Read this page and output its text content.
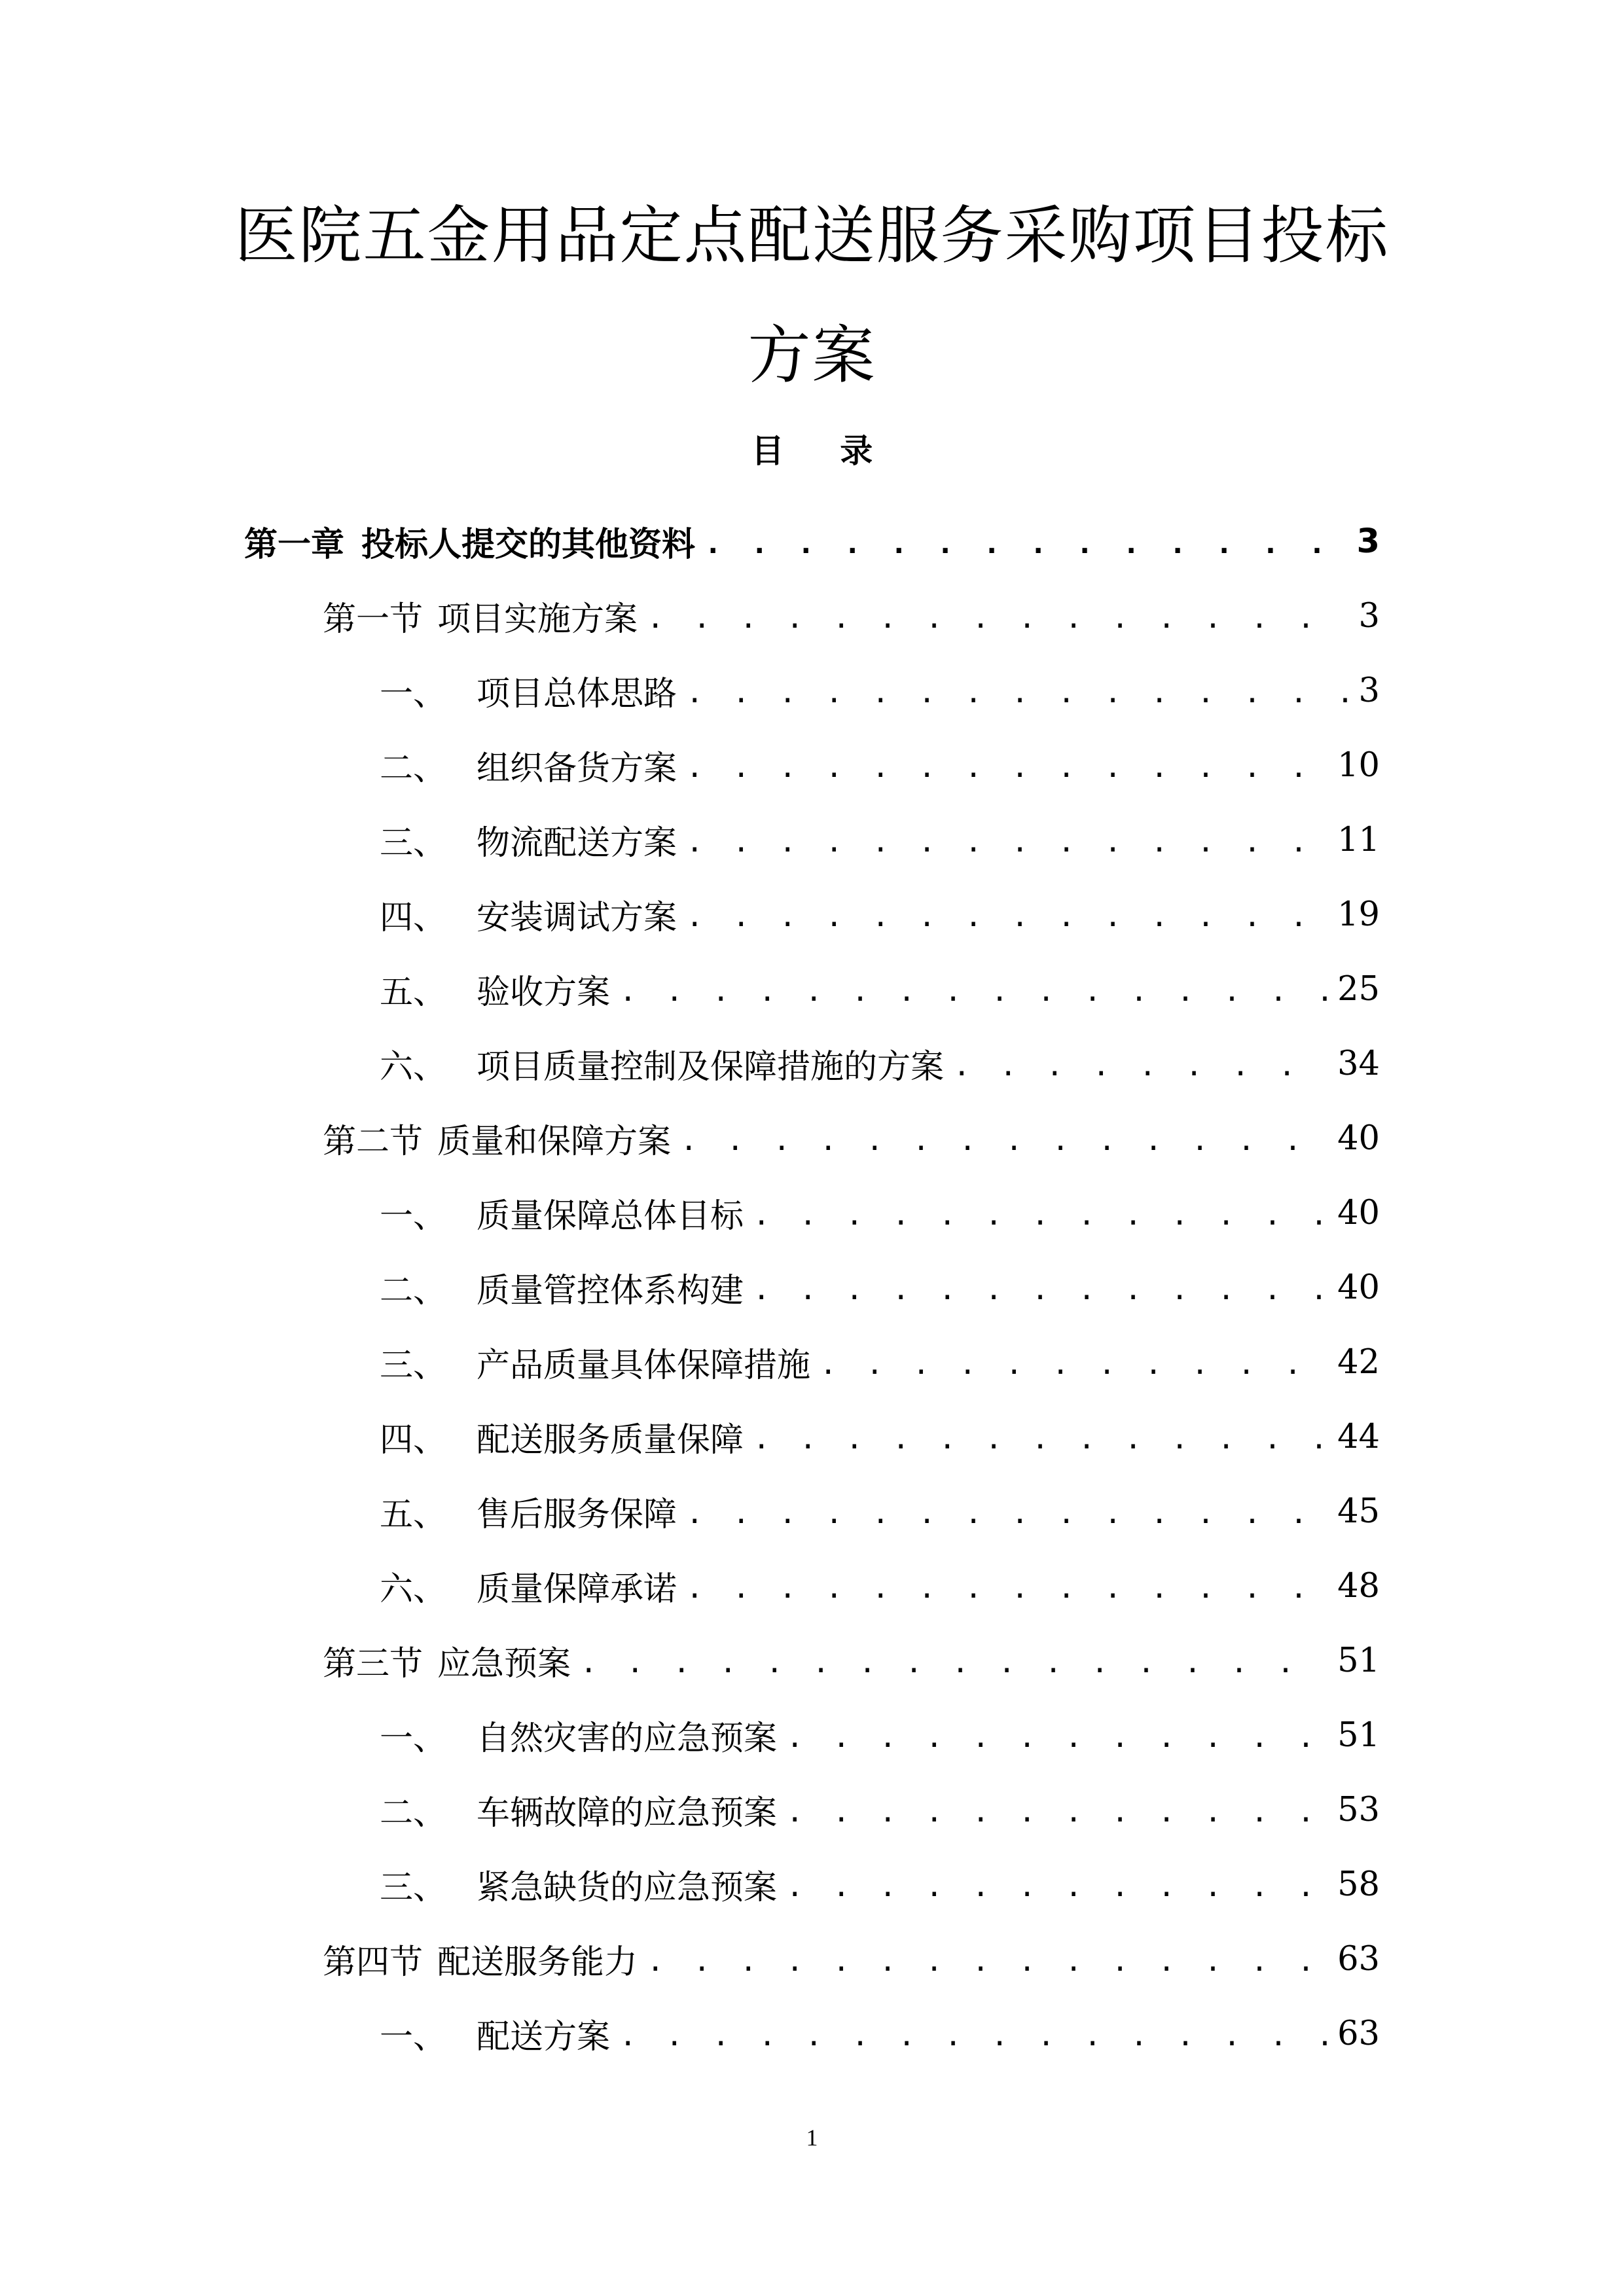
医院五金用品定点配送服务采购项目投标
方案
目 录
第一章 投标人提交的其他资料 . . .	3
第一节 项目实施方案 . . .	3
一、 项目总体思路 . . .	3
二、 组织备货方案 . . .	10
三、 物流配送方案 . . .	11
四、 安装调试方案 . . .	19
五、 验收方案 . . .	25
六、 项目质量控制及保障措施的方案 . . .	34
第二节 质量和保障方案 . . .	40
一、 质量保障总体目标 . . .	40
二、 质量管控体系构建 . . .	40
三、 产品质量具体保障措施 . . .	42
四、 配送服务质量保障 . . .	44
五、 售后服务保障 . . .	45
六、 质量保障承诺 . . .	48
第三节 应急预案 . . .	51
一、 自然灾害的应急预案 . . .	51
二、 车辆故障的应急预案 . . .	53
三、 紧急缺货的应急预案 . . .	58
第四节 配送服务能力 . . .	63
一、 配送方案 . . .	63
1
